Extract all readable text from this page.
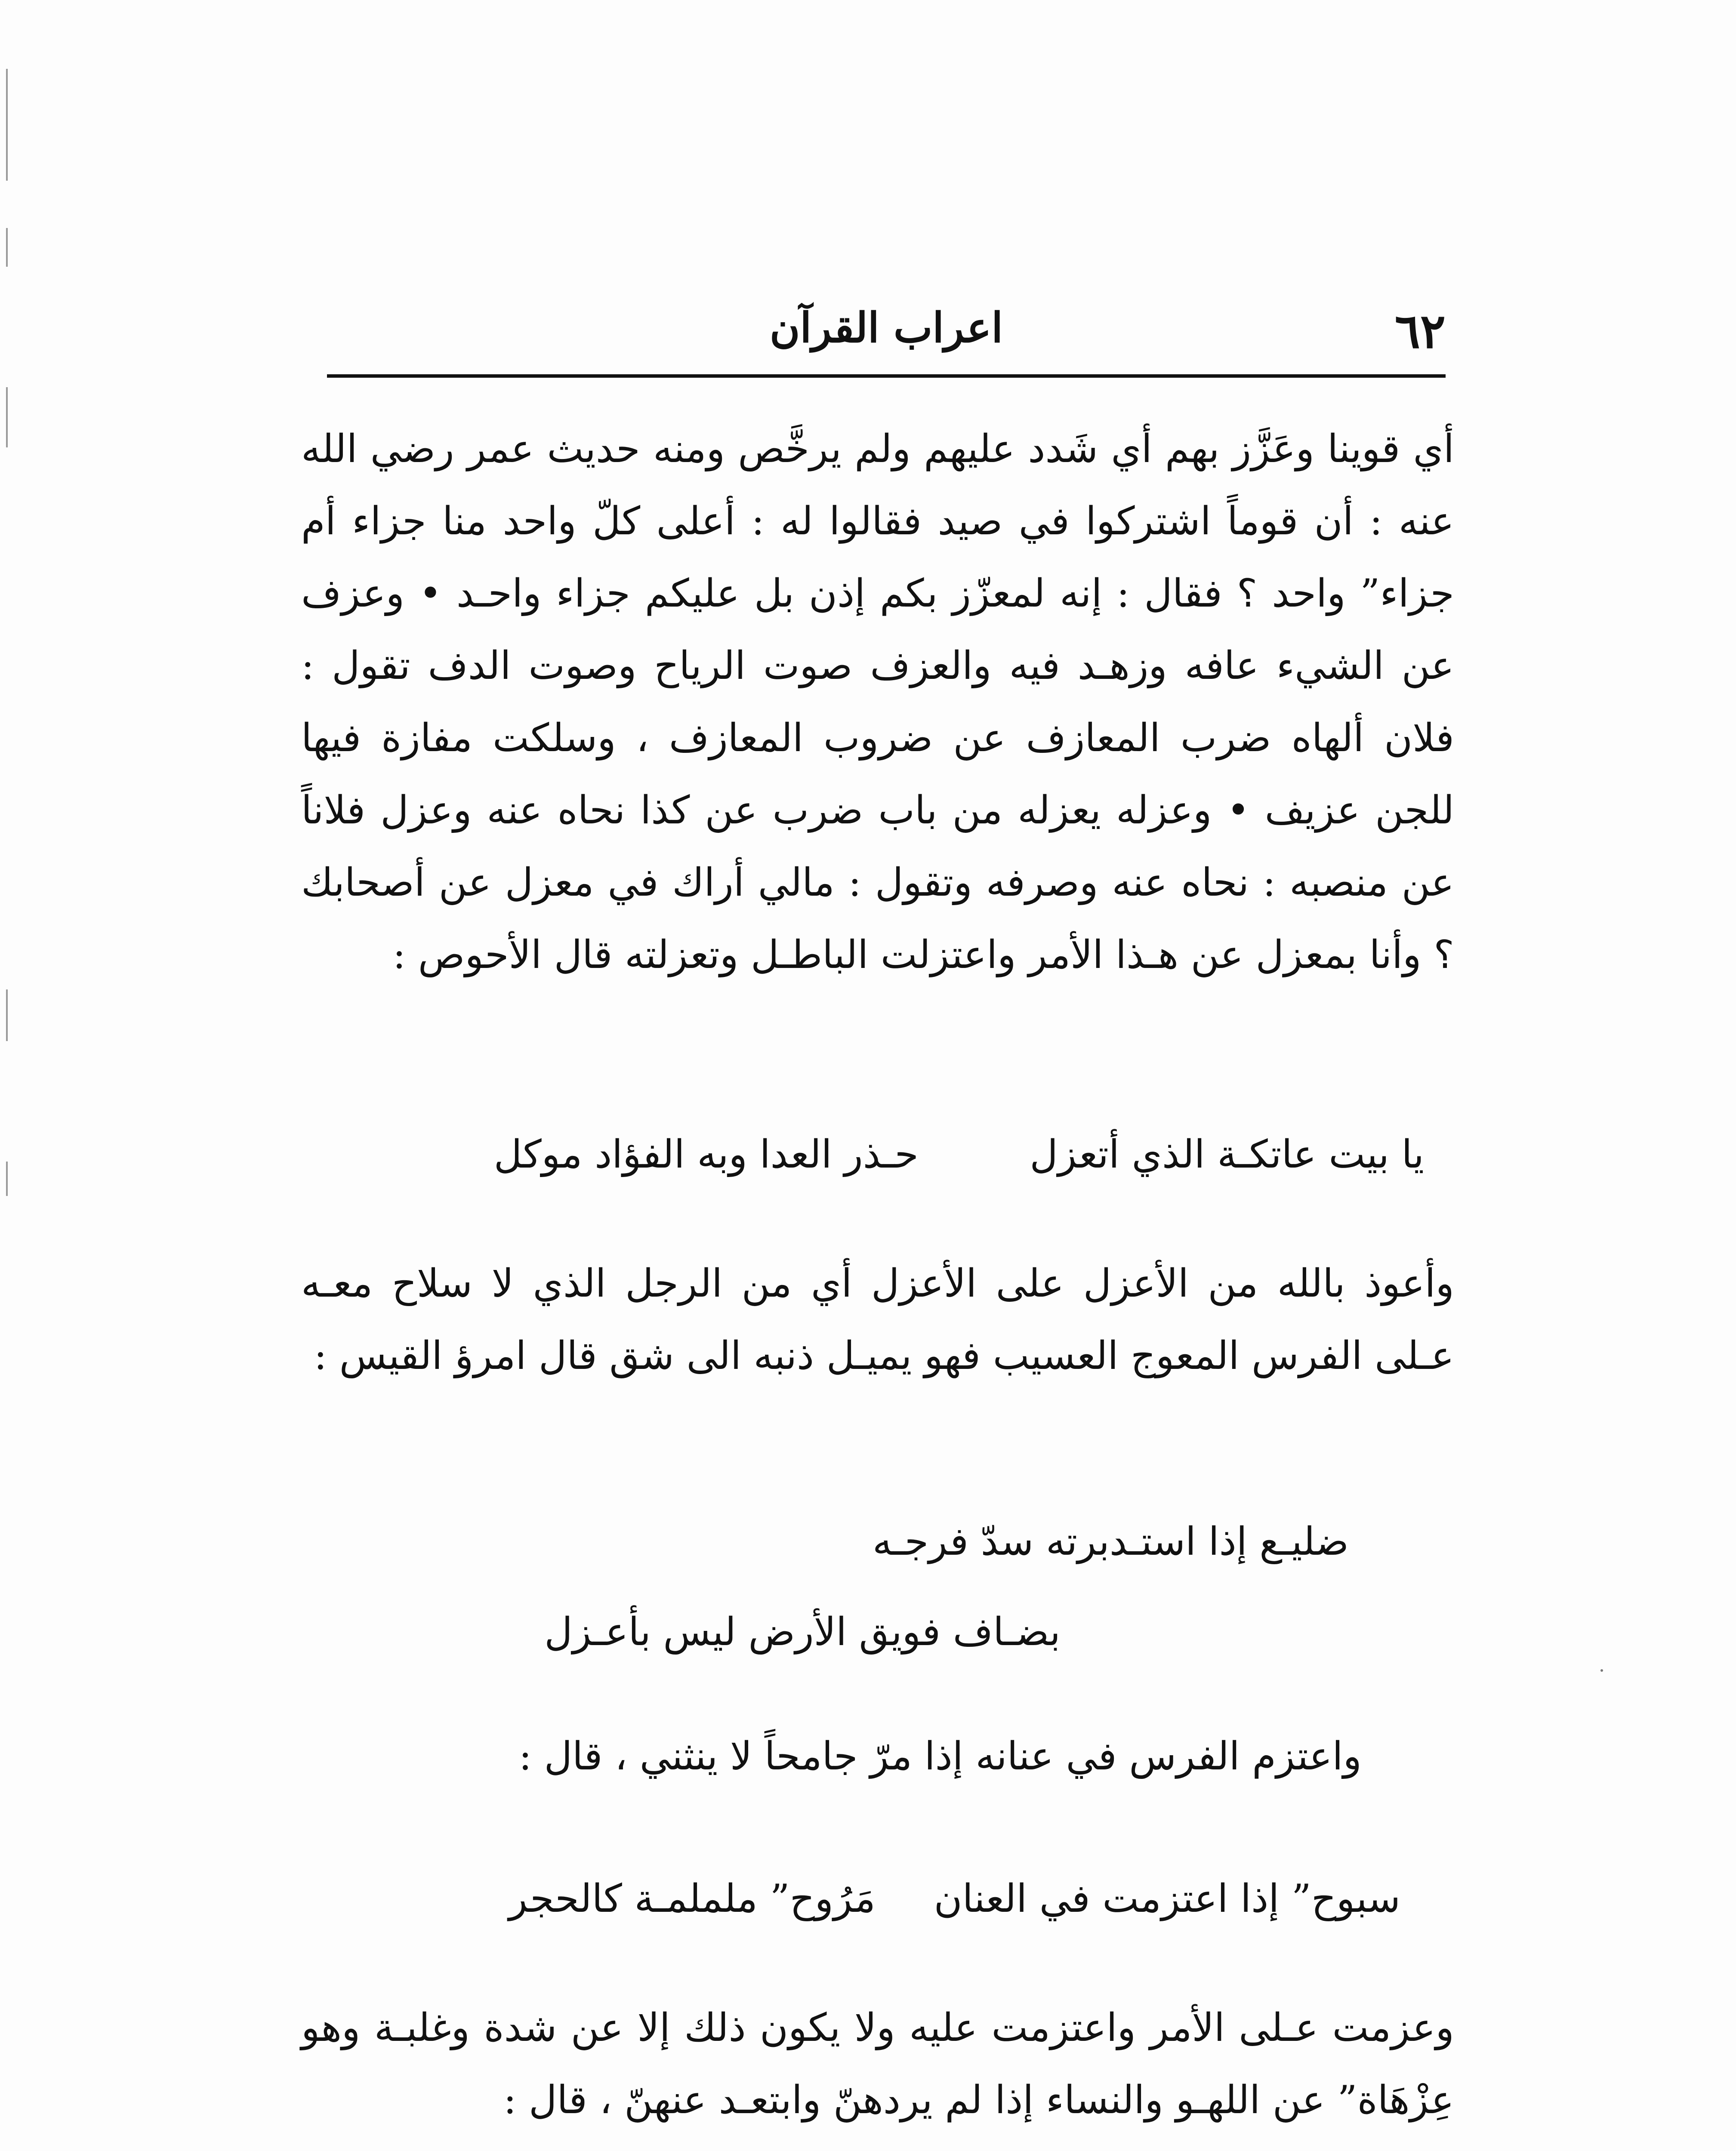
٦٢
اعراب القرآن
أي قوينا وعَزَّز بهم أي شَدد عليهم ولم يرخَّص ومنه حديث عمر رضي الله عنه : أن قوماً اشتركوا في صيد فقالوا له : أعلى كلّ واحد منا جزاء أم جزاء” واحد ؟ فقال : إنه لمعزّز بكم إذن بل عليكم جزاء واحـد • وعزف عن الشيء عافه وزهـد فيه والعزف صوت الرياح وصوت الدف تقول : فلان ألهاه ضرب المعازف عن ضروب المعازف ، وسلكت مفازة فيها للجن عزيف • وعزله يعزله من باب ضرب عن كذا نحاه عنه وعزل فلاناً عن منصبه : نحاه عنه وصرفه وتقول : مالي أراك في معزل عن أصحابك ؟ وأنا بمعزل عن هـذا الأمر واعتزلت الباطـل وتعزلته قال الأحوص :
يا بيت عاتكـة الذي أتعزل
حـذر العدا وبه الفؤاد موكل
وأعوذ بالله من الأعزل على الأعزل أي من الرجل الذي لا سلاح معـه عـلى الفرس المعوج العسيب فهو يميـل ذنبه الى شق قال امرؤ القيس :
ضليـع إذا استـدبرته سدّ فرجـه
بضـاف فويق الأرض ليس بأعـزل
واعتزم الفرس في عنانه إذا مرّ جامحاً لا ينثني ، قال :
سبوح” إذا اعتزمت في العنان
مَرُوح” ململمـة كالحجر
وعزمت عـلى الأمر واعتزمت عليه ولا يكون ذلك إلا عن شدة وغلبـة وهو عِزْهَاة” عن اللهـو والنساء إذا لم يردهنّ وابتعـد عنهنّ ، قال :
